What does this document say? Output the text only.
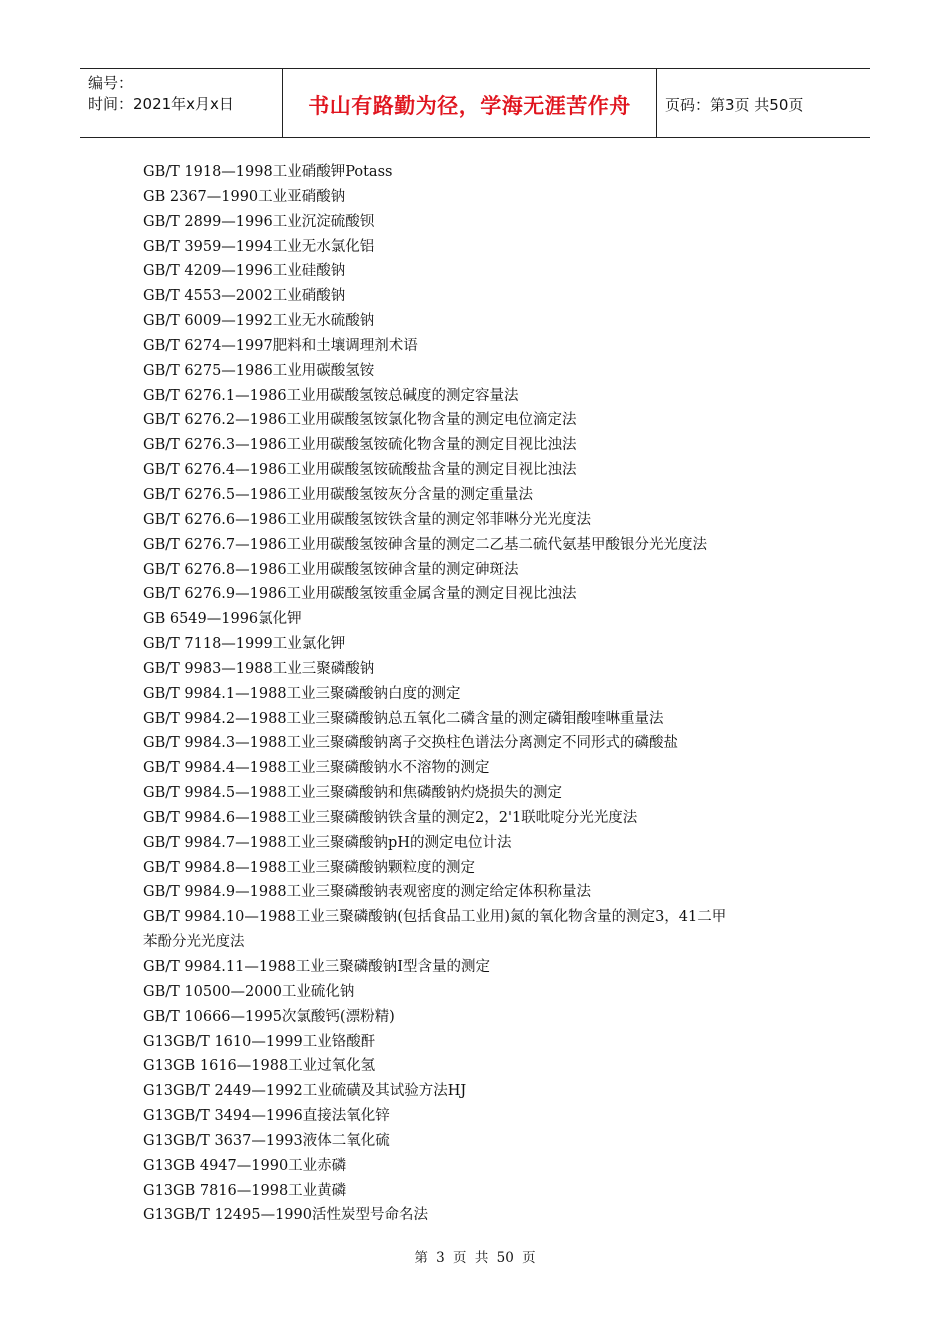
编号：
时间：2021年x月x日	书山有路勤为径，学海无涯苦作舟	页码：第3页 共50页
GB/T 1918—1998工业硝酸钾Potass
GB 2367—1990工业亚硝酸钠
GB/T 2899—1996工业沉淀硫酸钡
GB/T 3959—1994工业无水氯化铝
GB/T 4209—1996工业硅酸钠
GB/T 4553—2002工业硝酸钠
GB/T 6009—1992工业无水硫酸钠
GB/T 6274—1997肥料和土壤调理剂术语
GB/T 6275—1986工业用碳酸氢铵
GB/T 6276.1—1986工业用碳酸氢铵总碱度的测定容量法
GB/T 6276.2—1986工业用碳酸氢铵氯化物含量的测定电位滴定法
GB/T 6276.3—1986工业用碳酸氢铵硫化物含量的测定目视比浊法
GB/T 6276.4—1986工业用碳酸氢铵硫酸盐含量的测定目视比浊法
GB/T 6276.5—1986工业用碳酸氢铵灰分含量的测定重量法
GB/T 6276.6—1986工业用碳酸氢铵铁含量的测定邻菲啉分光光度法
GB/T 6276.7—1986工业用碳酸氢铵砷含量的测定二乙基二硫代氨基甲酸银分光光度法
GB/T 6276.8—1986工业用碳酸氢铵砷含量的测定砷斑法
GB/T 6276.9—1986工业用碳酸氢铵重金属含量的测定目视比浊法
GB 6549—1996氯化钾
GB/T 7118—1999工业氯化钾
GB/T 9983—1988工业三聚磷酸钠
GB/T 9984.1—1988工业三聚磷酸钠白度的测定
GB/T 9984.2—1988工业三聚磷酸钠总五氧化二磷含量的测定磷钼酸喹啉重量法
GB/T 9984.3—1988工业三聚磷酸钠离子交换柱色谱法分离测定不同形式的磷酸盐
GB/T 9984.4—1988工业三聚磷酸钠水不溶物的测定
GB/T 9984.5—1988工业三聚磷酸钠和焦磷酸钠灼烧损失的测定
GB/T 9984.6—1988工业三聚磷酸钠铁含量的测定2，2'1联吡啶分光光度法
GB/T 9984.7—1988工业三聚磷酸钠pH的测定电位计法
GB/T 9984.8—1988工业三聚磷酸钠颗粒度的测定
GB/T 9984.9—1988工业三聚磷酸钠表观密度的测定给定体积称量法
GB/T 9984.10—1988工业三聚磷酸钠(包括食品工业用)氮的氧化物含量的测定3，41二甲
苯酚分光光度法
GB/T 9984.11—1988工业三聚磷酸钠Ⅰ型含量的测定
GB/T 10500—2000工业硫化钠
GB/T 10666—1995次氯酸钙(漂粉精)
G13GB/T 1610—1999工业铬酸酐
G13GB 1616—1988工业过氧化氢
G13GB/T 2449—1992工业硫磺及其试验方法HJ
G13GB/T 3494—1996直接法氧化锌
G13GB/T 3637—1993液体二氧化硫
G13GB 4947—1990工业赤磷
G13GB 7816—1998工业黄磷
G13GB/T 12495—1990活性炭型号命名法
第 3 页 共 50 页
